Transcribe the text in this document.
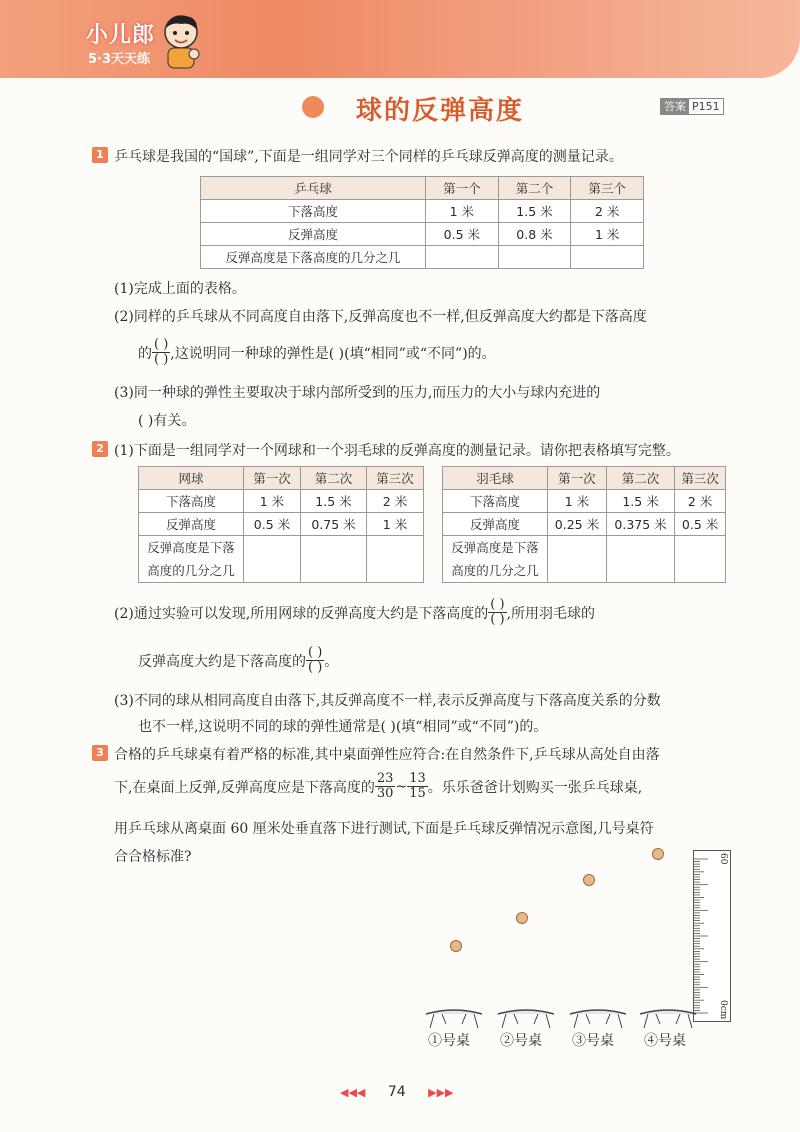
小儿郎
5·3天天练
球的反弹高度	答案 P151
1 乒乓球是我国的“国球”,下面是一组同学对三个同样的乒乓球反弹高度的测量记录。
乒乓球	第一个	第二个	第三个
下落高度	1 米	1.5 米	2 米
反弹高度	0.5 米	0.8 米	1 米
反弹高度是下落高度的几分之几			
(1)完成上面的表格。
(2)同样的乒乓球从不同高度自由落下,反弹高度也不一样,但反弹高度大约都是下落高度
的 $\frac{( )}{( )}$ ,这说明同一种球的弹性是( )(填“相同”或“不同”)的。
(3)同一种球的弹性主要取决于球内部所受到的压力,而压力的大小与球内充进的
( )有关。
2 (1)下面是一组同学对一个网球和一个羽毛球的反弹高度的测量记录。请你把表格填写完整。
网球	第一次	第二次	第三次
下落高度	1 米	1.5 米	2 米
反弹高度	0.5 米	0.75 米	1 米

反弹高度是下落
高度的几分之几			

羽毛球	第一次	第二次	第三次
下落高度	1 米	1.5 米	2 米
反弹高度	0.25 米	0.375 米	0.5 米

反弹高度是下落
高度的几分之几			

(2)通过实验可以发现,所用网球的反弹高度大约是下落高度的 $\frac{( )}{( )}$ ,所用羽毛球的
反弹高度大约是下落高度的 $\frac{( )}{( )}$ 。
(3)不同的球从相同高度自由落下,其反弹高度不一样,表示反弹高度与下落高度关系的分数
也不一样,这说明不同的球的弹性通常是( )(填“相同”或“不同”)的。
3 合格的乒乓球桌有着严格的标准,其中桌面弹性应符合:在自然条件下,乒乓球从高处自由落
下,在桌面上反弹,反弹高度应是下落高度的 $\frac{23}{30}$ ~ $\frac{13}{15}$ 。乐乐爸爸计划购买一张乒乓球桌,
用乒乓球从离桌面 60 厘米处垂直落下进行测试,下面是乒乓球反弹情况示意图,几号桌符
合合格标准?	60
0cm
①号桌 ②号桌 ③号桌 ④号桌
◀◀◀ 74 ▶▶▶
